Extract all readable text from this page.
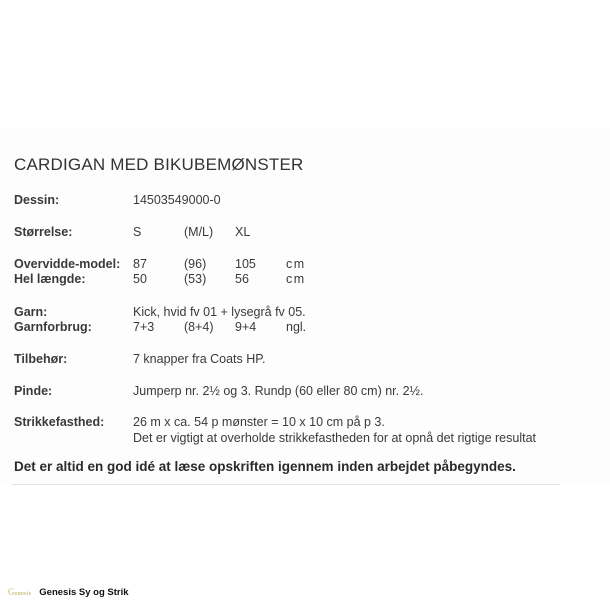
CARDIGAN MED BIKUBEMØNSTER
Dessin:	14503549000-0
Størrelse:	S	(M/L) XL
Overvidde-model: 87	(96) 105 cm
Hel længde:	50	(53) 56	cm
Garn:	Kick, hvid fv 01 + lysegrå fv 05.
Garnforbrug:	7+3 (8+4) 9+4 ngl.
Tilbehør:	7 knapper fra Coats HP.
Pinde:	Jumperp nr. 2½ og 3. Rundp (60 eller 80 cm) nr. 2½.
Strikkefasthed: 26 m x ca. 54 p mønster = 10 x 10 cm på p 3.
Det er vigtigt at overholde strikkefastheden for at opnå det rigtige resultat
Det er altid en god idé at læse opskriften igennem inden arbejdet påbegyndes.
Genesis Genesis Sy og Strik
